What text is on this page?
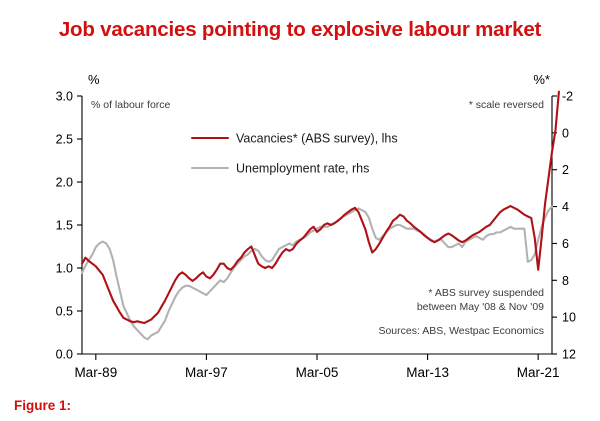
Job vacancies pointing to explosive labour market
0.0
0.5
1.0
1.5
2.0
2.5
3.0	-2
0
2
4
6
8
10
12
Mar-89	Mar-97	Mar-05	Mar-13	Mar-21
%	%*
% of labour force	* scale reversed
* ABS survey suspended
between May '08 & Nov '09
Sources: ABS, Westpac Economics
Vacancies* (ABS survey), lhs
Unemployment rate, rhs
Figure 1:
